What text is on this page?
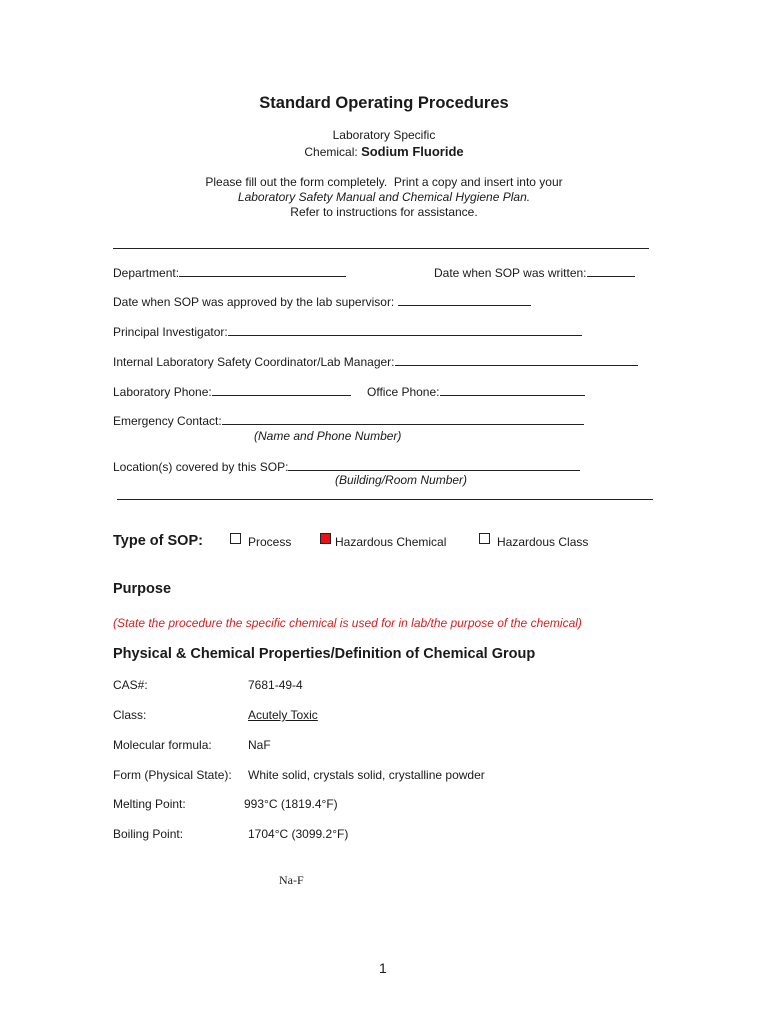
Standard Operating Procedures
Laboratory Specific
Chemical: Sodium Fluoride
Please fill out the form completely.  Print a copy and insert into your
Laboratory Safety Manual and Chemical Hygiene Plan.
Refer to instructions for assistance.
Department:	Date when SOP was written:
Date when SOP was approved by the lab supervisor:
Principal Investigator:
Internal Laboratory Safety Coordinator/Lab Manager:
Laboratory Phone:	Office Phone:
Emergency Contact:
(Name and Phone Number)
Location(s) covered by this SOP:
(Building/Room Number)
Type of SOP:	Process	Hazardous Chemical	Hazardous Class
Purpose
(State the procedure the specific chemical is used for in lab/the purpose of the chemical)
Physical & Chemical Properties/Definition of Chemical Group
CAS#:	7681-49-4
Class:	Acutely Toxic
Molecular formula:	NaF
Form (Physical State): White solid, crystals solid, crystalline powder
Melting Point:	993°C (1819.4°F)
Boiling Point:	1704°C (3099.2°F)
Na-F
1
